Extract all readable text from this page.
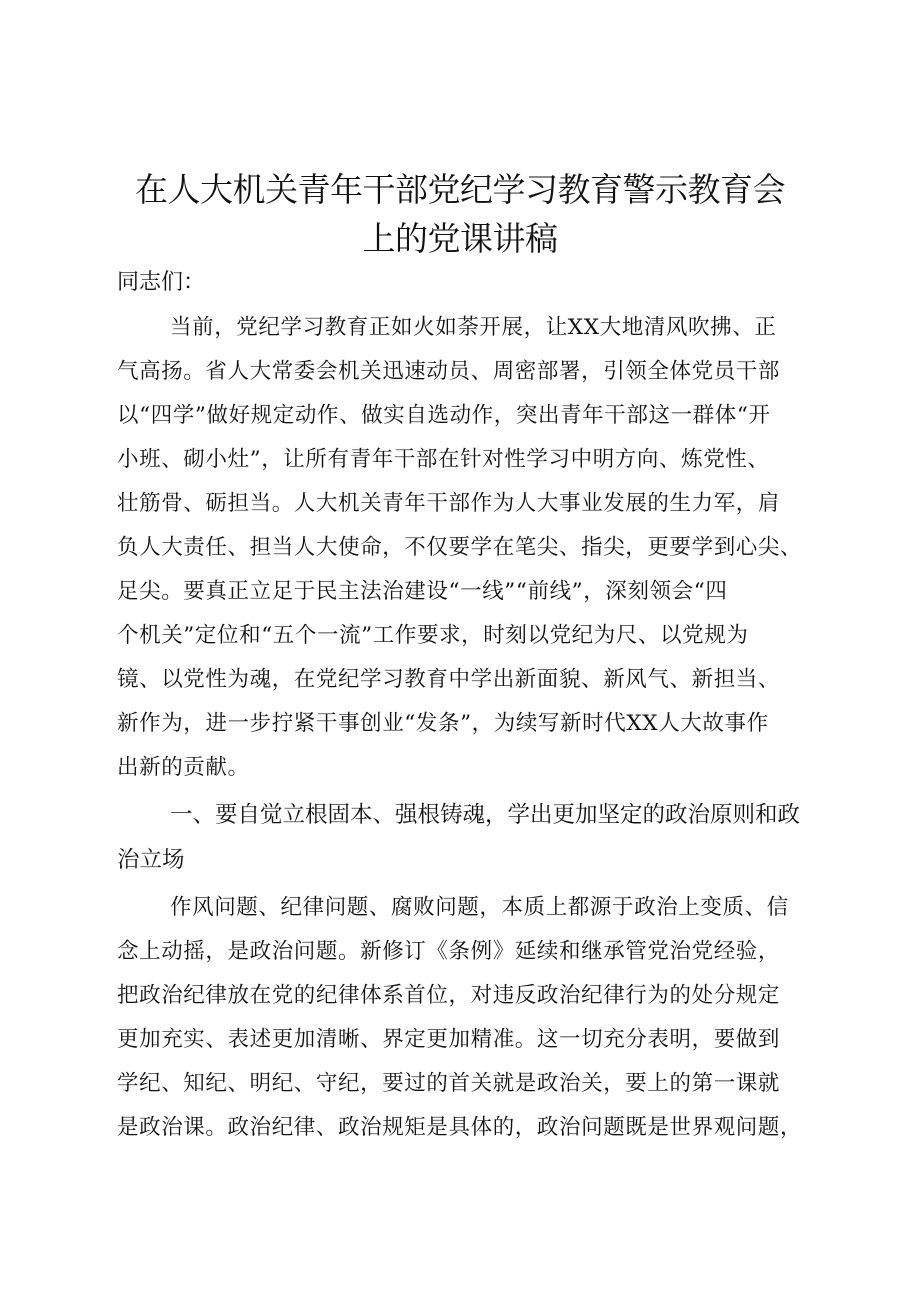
在人大机关青年干部党纪学习教育警示教育会
上的党课讲稿

同志们：

当前，党纪学习教育正如火如荼开展，让XX大地清风吹拂、正

气高扬。省人大常委会机关迅速动员、周密部署，引领全体党员干部

以“四学”做好规定动作、做实自选动作，突出青年干部这一群体“开

小班、砌小灶”，让所有青年干部在针对性学习中明方向、炼党性、

壮筋骨、砺担当。人大机关青年干部作为人大事业发展的生力军，肩

负人大责任、担当人大使命，不仅要学在笔尖、指尖，更要学到心尖、

足尖。要真正立足于民主法治建设“一线”“前线”，深刻领会“四

个机关”定位和“五个一流”工作要求，时刻以党纪为尺、以党规为

镜、以党性为魂，在党纪学习教育中学出新面貌、新风气、新担当、

新作为，进一步拧紧干事创业“发条”，为续写新时代XX人大故事作

出新的贡献。

一、要自觉立根固本、强根铸魂，学出更加坚定的政治原则和政

治立场

作风问题、纪律问题、腐败问题，本质上都源于政治上变质、信

念上动摇，是政治问题。新修订《条例》延续和继承管党治党经验，

把政治纪律放在党的纪律体系首位，对违反政治纪律行为的处分规定

更加充实、表述更加清晰、界定更加精准。这一切充分表明，要做到

学纪、知纪、明纪、守纪，要过的首关就是政治关，要上的第一课就

是政治课。政治纪律、政治规矩是具体的，政治问题既是世界观问题，
